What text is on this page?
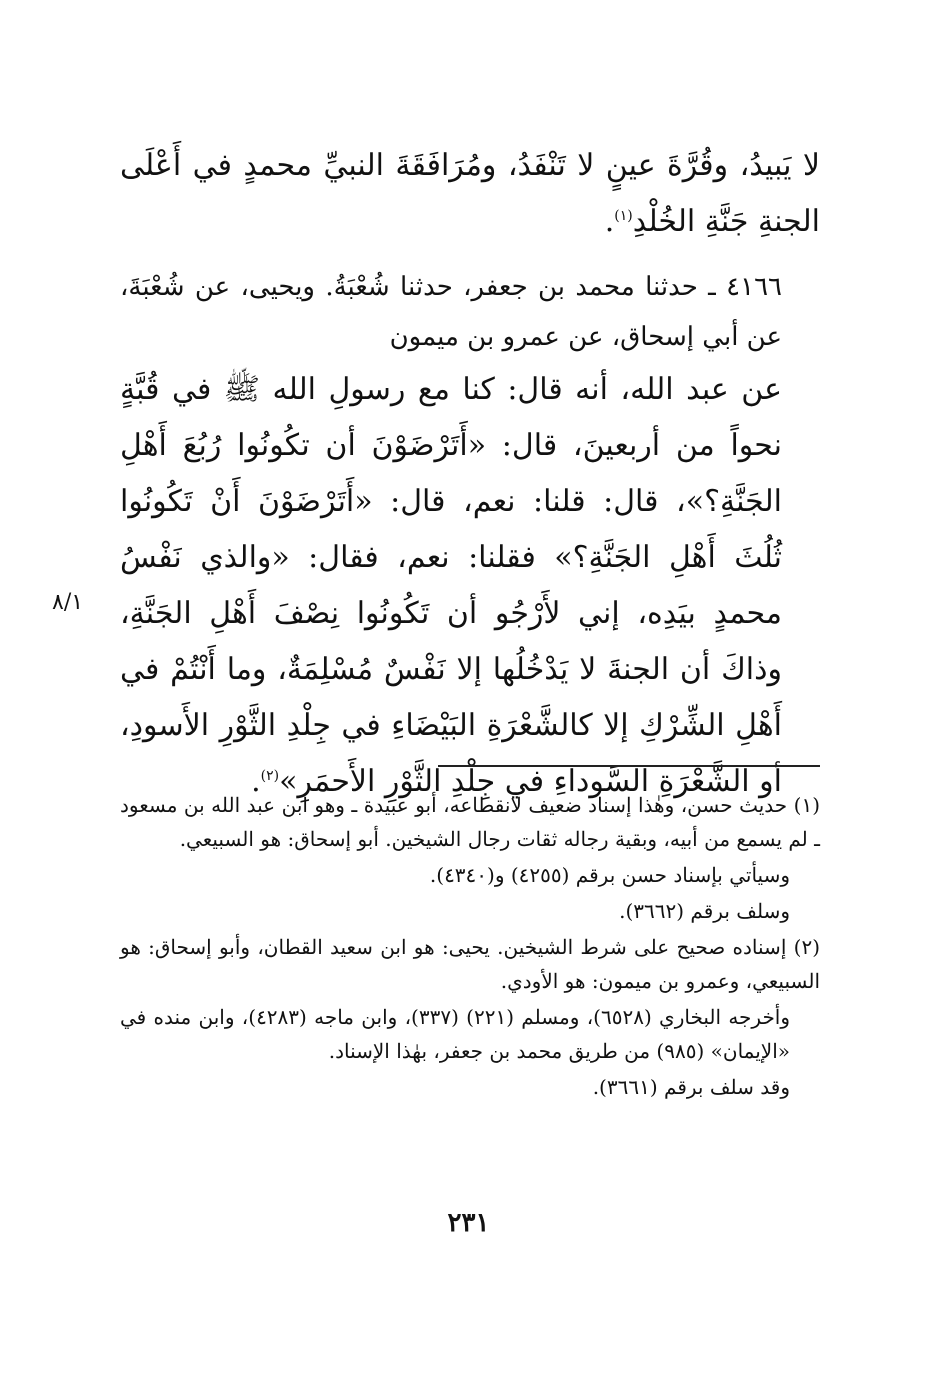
لا يَبيدُ، وقُرَّةَ عينٍ لا تَنْفَدُ، ومُرَافَقَةَ النبيِّ محمدٍ في أَعْلَى الجنةِ جَنَّةِ الخُلْدِ$^{(١)}$.

٤١٦٦ ـ حدثنا محمد بن جعفر، حدثنا شُعْبَةُ. ويحيى، عن شُعْبَةَ، عن أبي إسحاق، عن عمرو بن ميمون

عن عبد الله، أنه قال: كنا مع رسولِ الله ﷺ في قُبَّةٍ نحواً من أربعينَ، قال: «أَتَرْضَوْنَ أن تكُونُوا رُبُعَ أَهْلِ الجَنَّةِ؟»، قال: قلنا: نعم، قال: «أَتَرْضَوْنَ أَنْ تَكُونُوا ثُلُثَ أَهْلِ الجَنَّةِ؟» فقلنا: نعم، فقال: «والذي نَفْسُ محمدٍ بيَدِه، إني لأَرْجُو أن تَكُونُوا نِصْفَ أَهْلِ الجَنَّةِ، وذاكَ أن الجنةَ لا يَدْخُلُها إلا نَفْسٌ مُسْلِمَةٌ، وما أَنْتُمْ في أَهْلِ الشِّرْكِ إلا كالشَّعْرَةِ البَيْضَاءِ في جِلْدِ الثَّوْرِ الأَسودِ، أو الشَّعْرَةِ السَّوداءِ في جِلْدِ الثَّوْرِ الأَحمَرِ»$^{(٢)}$.

٨/١

(١) حديث حسن، وهٰذا إسناد ضعيف لانقطاعه، أبو عبيدة ـ وهو ابن عبد الله بن مسعود ـ لم يسمع من أبيه، وبقية رجاله ثقات رجال الشيخين. أبو إسحاق: هو السبيعي.

وسيأتي بإسناد حسن برقم (٤٢٥٥) و(٤٣٤٠).

وسلف برقم (٣٦٦٢).

(٢) إسناده صحيح على شرط الشيخين. يحيى: هو ابن سعيد القطان، وأبو إسحاق: هو السبيعي، وعمرو بن ميمون: هو الأودي.

وأخرجه البخاري (٦٥٢٨)، ومسلم (٢٢١) (٣٣٧)، وابن ماجه (٤٢٨٣)، وابن منده في «الإيمان» (٩٨٥) من طريق محمد بن جعفر، بهٰذا الإسناد.

وقد سلف برقم (٣٦٦١).

٢٣١
